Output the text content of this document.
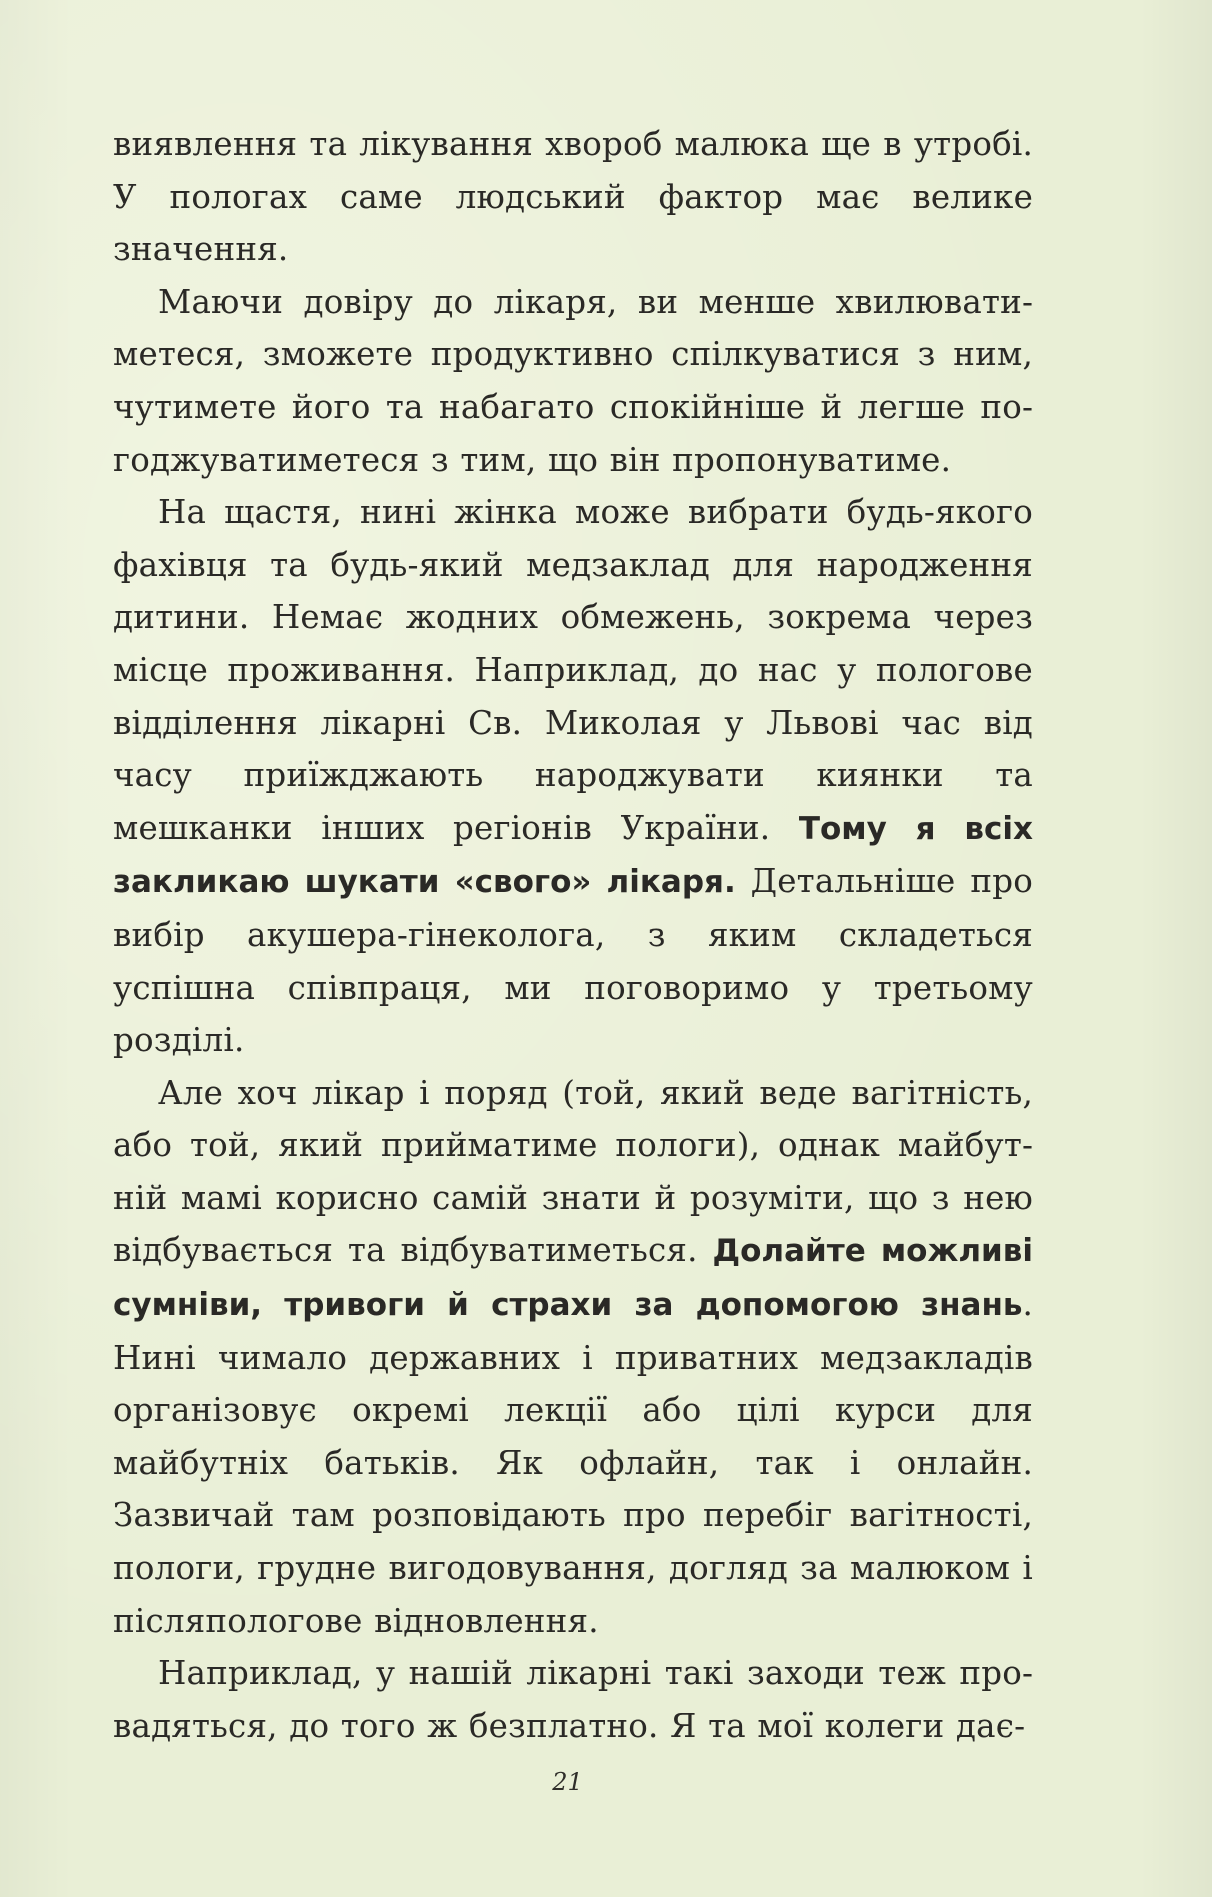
виявлення та лікування хвороб малюка ще в утробі. У пологах саме людський фактор має велике значення.

Маючи довіру до лікаря, ви менше хвилюватиметеся, зможете продуктивно спілкуватися з ним, чутимете його та набагато спокійніше й легше погоджуватиметеся з тим, що він пропонуватиме.

На щастя, нині жінка може вибрати будь-якого фахівця та будь-який медзаклад для народження дитини. Немає жодних обмежень, зокрема через місце проживання. Наприклад, до нас у пологове відділення лікарні Св. Миколая у Львові час від часу приїжджають народжувати киянки та мешканки інших регіонів України. Тому я всіх закликаю шукати «свого» лікаря. Детальніше про вибір акушера-гінеколога, з яким складеться успішна співпраця, ми поговоримо у третьому розділі.

Але хоч лікар і поряд (той, який веде вагітність, або той, який прийматиме пологи), однак майбутній мамі корисно самій знати й розуміти, що з нею відбувається та відбуватиметься. Долайте можливі сумніви, тривоги й страхи за допомогою знань. Нині чимало державних і приватних медзакладів організовує окремі лекції або цілі курси для майбутніх батьків. Як офлайн, так і онлайн. Зазвичай там розповідають про перебіг вагітності, пологи, грудне вигодовування, догляд за малюком і післяпологове відновлення.

Наприклад, у нашій лікарні такі заходи теж провадяться, до того ж безплатно. Я та мої колеги дає-

21
